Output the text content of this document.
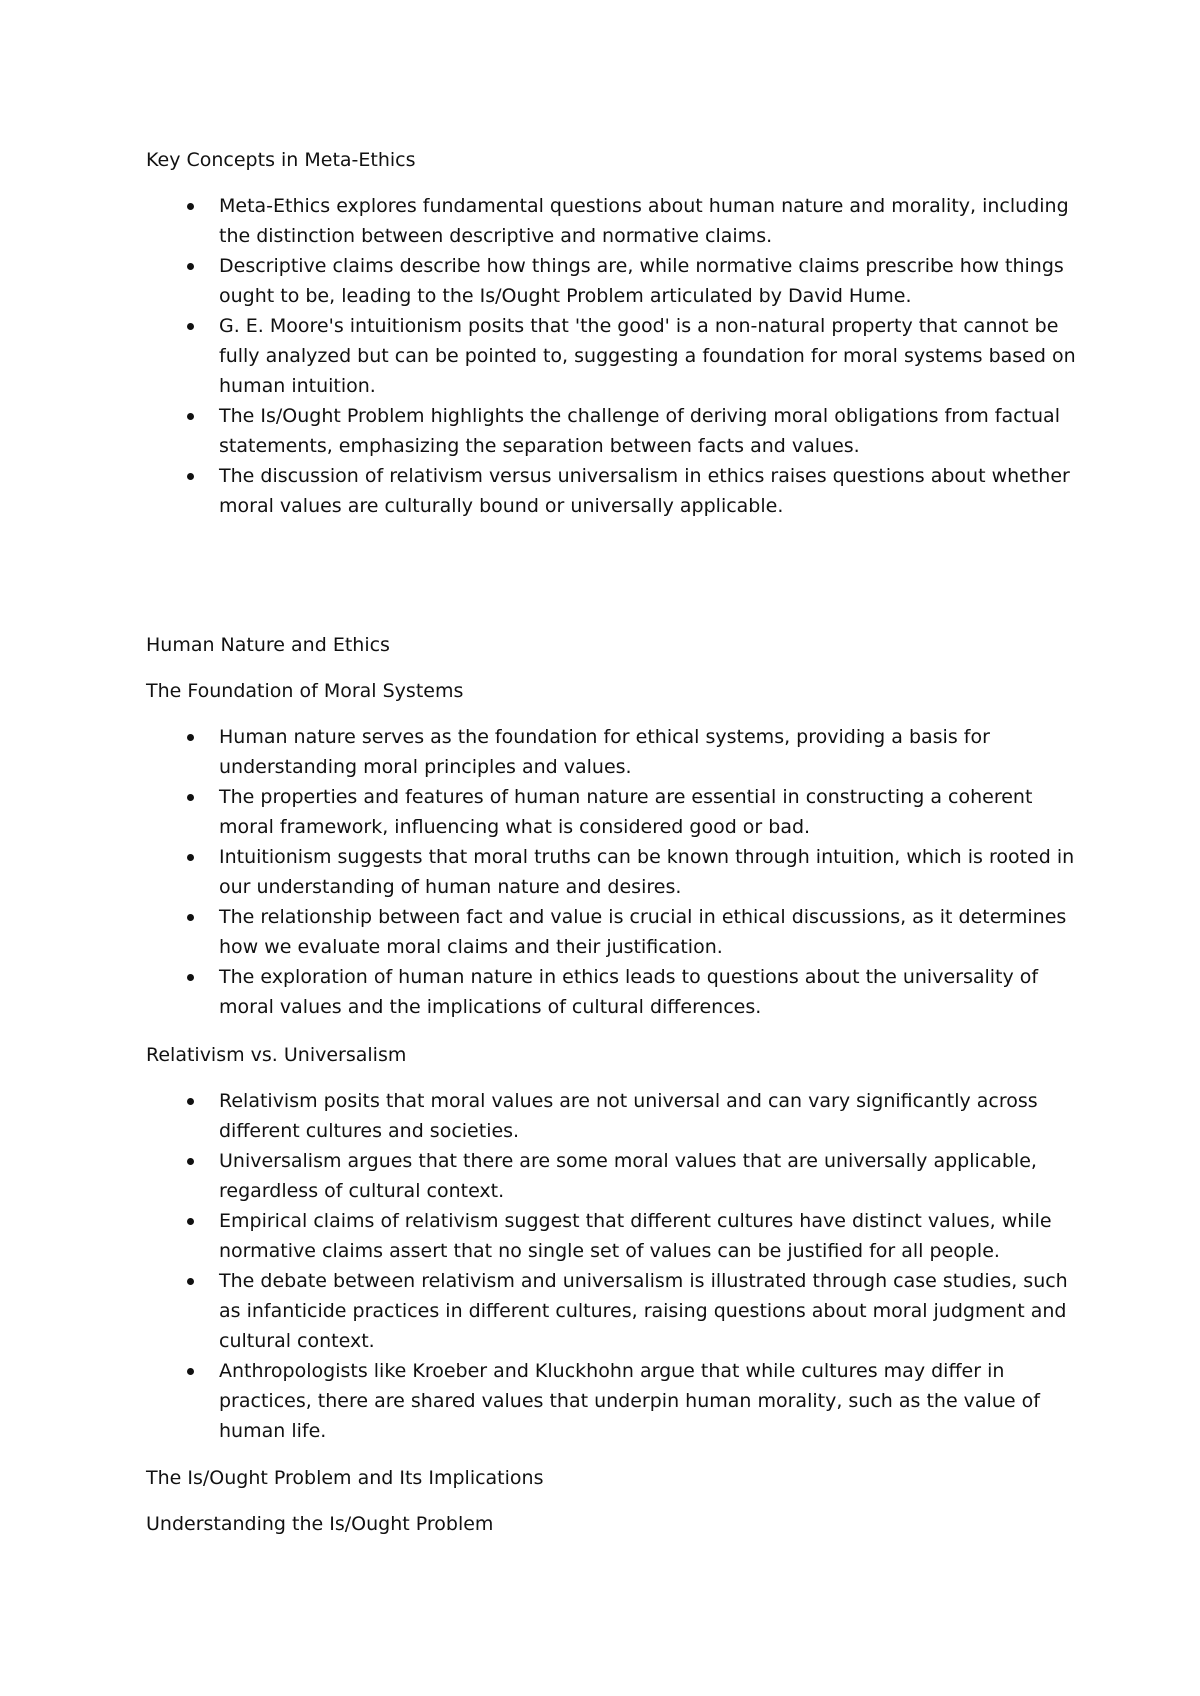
Key Concepts in Meta-Ethics
Meta-Ethics explores fundamental questions about human nature and morality, including the distinction between descriptive and normative claims.
Descriptive claims describe how things are, while normative claims prescribe how things ought to be, leading to the Is/Ought Problem articulated by David Hume.
G. E. Moore's intuitionism posits that 'the good' is a non-natural property that cannot be fully analyzed but can be pointed to, suggesting a foundation for moral systems based on human intuition.
The Is/Ought Problem highlights the challenge of deriving moral obligations from factual statements, emphasizing the separation between facts and values.
The discussion of relativism versus universalism in ethics raises questions about whether moral values are culturally bound or universally applicable.
Human Nature and Ethics
The Foundation of Moral Systems
Human nature serves as the foundation for ethical systems, providing a basis for understanding moral principles and values.
The properties and features of human nature are essential in constructing a coherent moral framework, influencing what is considered good or bad.
Intuitionism suggests that moral truths can be known through intuition, which is rooted in our understanding of human nature and desires.
The relationship between fact and value is crucial in ethical discussions, as it determines how we evaluate moral claims and their justification.
The exploration of human nature in ethics leads to questions about the universality of moral values and the implications of cultural differences.
Relativism vs. Universalism
Relativism posits that moral values are not universal and can vary significantly across different cultures and societies.
Universalism argues that there are some moral values that are universally applicable, regardless of cultural context.
Empirical claims of relativism suggest that different cultures have distinct values, while normative claims assert that no single set of values can be justified for all people.
The debate between relativism and universalism is illustrated through case studies, such as infanticide practices in different cultures, raising questions about moral judgment and cultural context.
Anthropologists like Kroeber and Kluckhohn argue that while cultures may differ in practices, there are shared values that underpin human morality, such as the value of human life.
The Is/Ought Problem and Its Implications
Understanding the Is/Ought Problem
